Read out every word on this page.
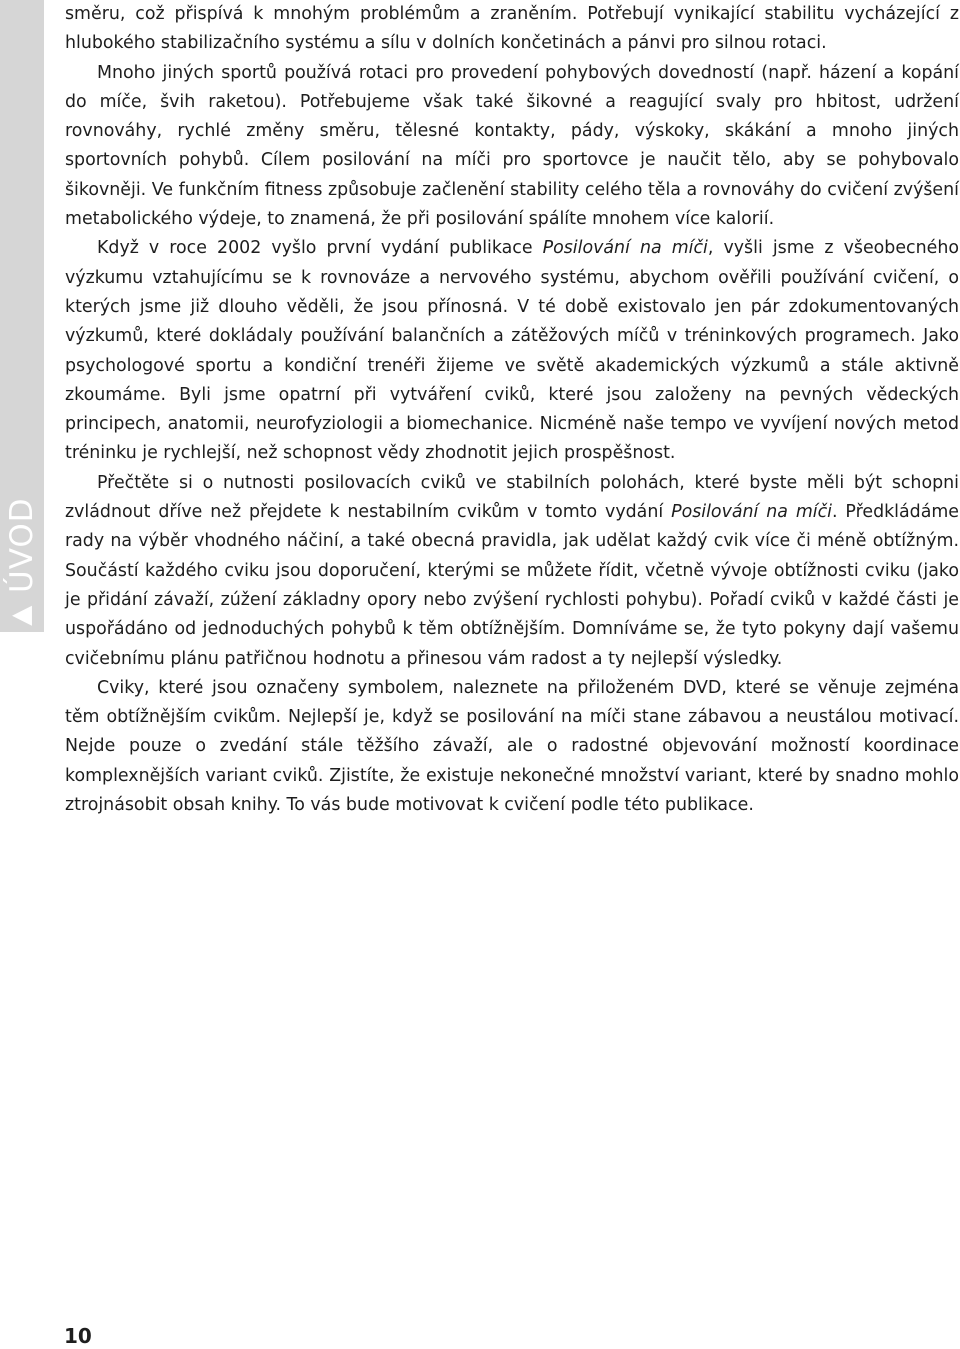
▶
ÚVOD

směru, což přispívá k mnohým problémům a zraněním. Potřebují vynikající stabilitu vycházející z hlubokého stabilizačního systému a sílu v dolních končetinách a pánvi pro silnou rotaci.

Mnoho jiných sportů používá rotaci pro provedení pohybových dovedností (např. házení a kopání do míče, švih raketou). Potřebujeme však také šikovné a reagující svaly pro hbitost, udržení rovnováhy, rychlé změny směru, tělesné kontakty, pády, výskoky, skákání a mnoho jiných sportovních pohybů. Cílem posilování na míči pro sportovce je naučit tělo, aby se pohybovalo šikovněji. Ve funkčním fitness způsobuje začlenění stability celého těla a rovnováhy do cvičení zvýšení metabolického výdeje, to znamená, že při posilování spálíte mnohem více kalorií.

Když v roce 2002 vyšlo první vydání publikace Posilování na míči, vyšli jsme z všeobecného výzkumu vztahujícímu se k rovnováze a nervového systému, abychom ověřili používání cvičení, o kterých jsme již dlouho věděli, že jsou přínosná. V té době existovalo jen pár zdokumentovaných výzkumů, které dokládaly používání balančních a zátěžových míčů v tréninkových programech. Jako psychologové sportu a kondiční trenéři žijeme ve světě akademických výzkumů a stále aktivně zkoumáme. Byli jsme opatrní při vytváření cviků, které jsou založeny na pevných vědeckých principech, anatomii, neurofyziologii a biomechanice. Nicméně naše tempo ve vyvíjení nových metod tréninku je rychlejší, než schopnost vědy zhodnotit jejich prospěšnost.

Přečtěte si o nutnosti posilovacích cviků ve stabilních polohách, které byste měli být schopni zvládnout dříve než přejdete k nestabilním cvikům v tomto vydání Posilování na míči. Předkládáme rady na výběr vhodného náčiní, a také obecná pravidla, jak udělat každý cvik více či méně obtížným. Součástí každého cviku jsou doporučení, kterými se můžete řídit, včetně vývoje obtížnosti cviku (jako je přidání závaží, zúžení základny opory nebo zvýšení rychlosti pohybu). Pořadí cviků v každé části je uspořádáno od jednoduchých pohybů k těm obtížnějším. Domníváme se, že tyto pokyny dají vašemu cvičebnímu plánu patřičnou hodnotu a přinesou vám radost a ty nejlepší výsledky.

Cviky, které jsou označeny symbolem, naleznete na přiloženém DVD, které se věnuje zejména těm obtížnějším cvikům. Nejlepší je, když se posilování na míči stane zábavou a neustálou motivací. Nejde pouze o zvedání stále těžšího závaží, ale o radostné objevování možností koordinace komplexnějších variant cviků. Zjistíte, že existuje nekonečné množství variant, které by snadno mohlo ztrojnásobit obsah knihy. To vás bude motivovat k cvičení podle této publikace.

10
